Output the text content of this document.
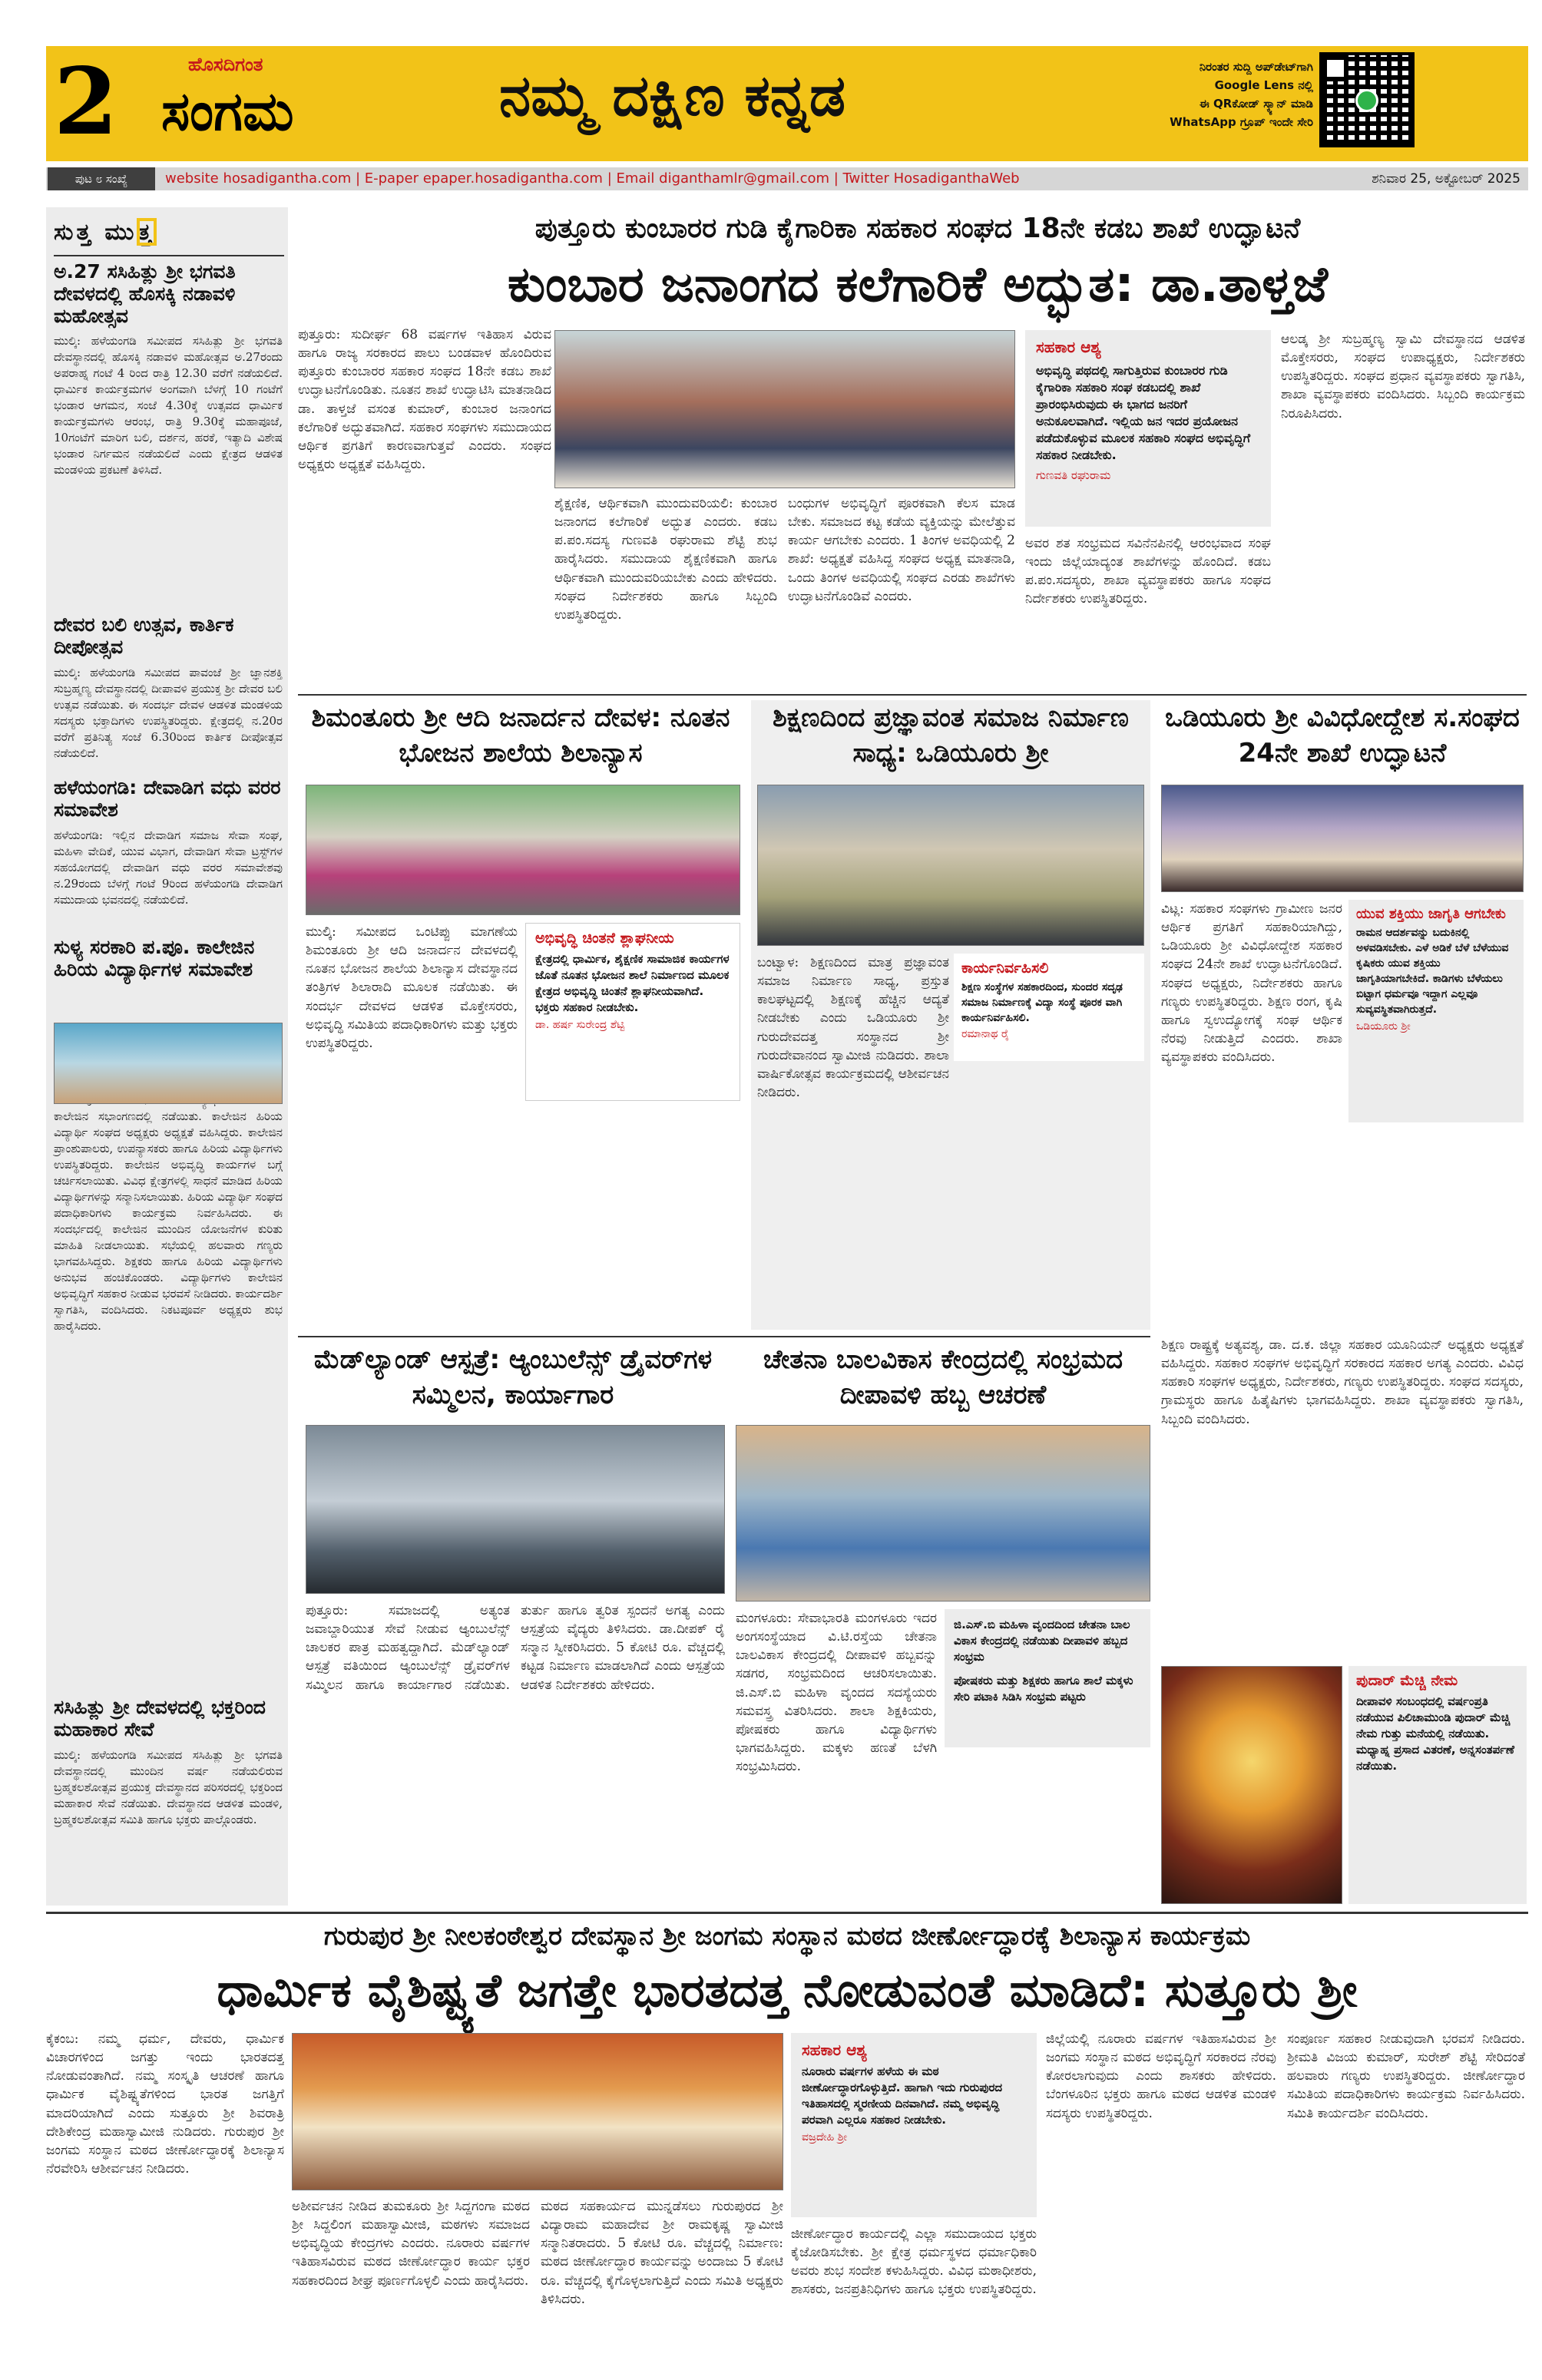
2	ಹೊಸದಿಗಂತ
ಸಂಗಮ	ನಮ್ಮ ದಕ್ಷಿಣ ಕನ್ನಡ	ನಿರಂತರ ಸುದ್ದಿ ಅಪ್‌ಡೇಟ್‌ಗಾಗಿ
Google Lens ನಲ್ಲಿ
ಈ QRಕೋಡ್ ಸ್ಕ್ಯಾನ್ ಮಾಡಿ
WhatsApp ಗ್ರೂಪ್ ಇಂದೇ ಸೇರಿ
ಪುಟ ೮ ಸಂಖ್ಯೆ	website hosadigantha.com | E-paper epaper.hosadigantha.com | Email diganthamlr@gmail.com | Twitter HosadiganthaWeb	ಶನಿವಾರ 25, ಅಕ್ಟೋಬರ್ 2025
ಸುತ್ತ ಮುತ್ತ
ಅ.27 ಸಸಿಹಿತ್ಲು ಶ್ರೀ ಭಗವತಿ ದೇವಳದಲ್ಲಿ ಹೊಸಕ್ಕಿ ನಡಾವಳಿ ಮಹೋತ್ಸವ
ಮುಲ್ಕಿ: ಹಳೆಯಂಗಡಿ ಸಮೀಪದ ಸಸಿಹಿತ್ಲು ಶ್ರೀ ಭಗವತಿ ದೇವಸ್ಥಾನದಲ್ಲಿ ಹೊಸಕ್ಕಿ ನಡಾವಳಿ ಮಹೋತ್ಸವ ಅ.27ರಂದು ಅಪರಾಹ್ನ ಗಂಟೆ 4 ರಿಂದ ರಾತ್ರಿ 12.30 ವರೆಗೆ ನಡೆಯಲಿದೆ. ಧಾರ್ಮಿಕ ಕಾರ್ಯಕ್ರಮಗಳ ಅಂಗವಾಗಿ ಬೆಳಗ್ಗೆ 10 ಗಂಟೆಗೆ ಭಂಡಾರ ಆಗಮನ, ಸಂಜೆ 4.30ಕ್ಕೆ ಉತ್ಸವದ ಧಾರ್ಮಿಕ ಕಾರ್ಯಕ್ರಮಗಳು ಆರಂಭ, ರಾತ್ರಿ 9.30ಕ್ಕೆ ಮಹಾಪೂಜೆ, 10ಗಂಟೆಗೆ ಮಾರಿಗ ಬಲಿ, ದರ್ಶನ, ಹರಕೆ, ಇತ್ಯಾದಿ ವಿಶೇಷ ಭಂಡಾರ ನಿರ್ಗಮನ ನಡೆಯಲಿದೆ ಎಂದು ಕ್ಷೇತ್ರದ ಆಡಳಿತ ಮಂಡಳಿಯ ಪ್ರಕಟಣೆ ತಿಳಿಸಿದೆ.
ದೇವರ ಬಲಿ ಉತ್ಸವ, ಕಾರ್ತಿಕ ದೀಪೋತ್ಸವ
ಮುಲ್ಕಿ: ಹಳೆಯಂಗಡಿ ಸಮೀಪದ ಪಾವಂಜೆ ಶ್ರೀ ಜ್ಞಾನಶಕ್ತಿ ಸುಬ್ರಹ್ಮಣ್ಯ ದೇವಸ್ಥಾನದಲ್ಲಿ ದೀಪಾವಳಿ ಪ್ರಯುಕ್ತ ಶ್ರೀ ದೇವರ ಬಲಿ ಉತ್ಸವ ನಡೆಯಿತು. ಈ ಸಂದರ್ಭ ದೇವಳ ಆಡಳಿತ ಮಂಡಳಿಯ ಸದಸ್ಯರು ಭಕ್ತಾದಿಗಳು ಉಪಸ್ಥಿತರಿದ್ದರು. ಕ್ಷೇತ್ರದಲ್ಲಿ ನ.20ರ ವರೆಗೆ ಪ್ರತಿನಿತ್ಯ ಸಂಜೆ 6.30ರಿಂದ ಕಾರ್ತಿಕ ದೀಪೋತ್ಸವ ನಡೆಯಲಿದೆ.
ಹಳೆಯಂಗಡಿ: ದೇವಾಡಿಗ ವಧು ವರರ ಸಮಾವೇಶ
ಹಳೆಯಂಗಡಿ: ಇಲ್ಲಿನ ದೇವಾಡಿಗ ಸಮಾಜ ಸೇವಾ ಸಂಘ, ಮಹಿಳಾ ವೇದಿಕೆ, ಯುವ ವಿಭಾಗ, ದೇವಾಡಿಗ ಸೇವಾ ಟ್ರಸ್ಟ್‌ಗಳ ಸಹಯೋಗದಲ್ಲಿ ದೇವಾಡಿಗ ವಧು ವರರ ಸಮಾವೇಶವು ನ.29ರಂದು ಬೆಳಗ್ಗೆ ಗಂಟೆ 9ರಿಂದ ಹಳೆಯಂಗಡಿ ದೇವಾಡಿಗ ಸಮುದಾಯ ಭವನದಲ್ಲಿ ನಡೆಯಲಿದೆ.
ಸುಳ್ಯ ಸರಕಾರಿ ಪ.ಪೂ. ಕಾಲೇಜಿನ ಹಿರಿಯ ವಿದ್ಯಾರ್ಥಿಗಳ ಸಮಾವೇಶ
ಕಾಲೇಜಿನ ಸಭಾಂಗಣದಲ್ಲಿ ನಡೆಯಿತು. ಕಾಲೇಜಿನ ಹಿರಿಯ ವಿದ್ಯಾರ್ಥಿ ಸಂಘದ ಅಧ್ಯಕ್ಷರು ಅಧ್ಯಕ್ಷತೆ ವಹಿಸಿದ್ದರು. ಕಾಲೇಜಿನ ಪ್ರಾಂಶುಪಾಲರು, ಉಪನ್ಯಾಸಕರು ಹಾಗೂ ಹಿರಿಯ ವಿದ್ಯಾರ್ಥಿಗಳು ಉಪಸ್ಥಿತರಿದ್ದರು. ಕಾಲೇಜಿನ ಅಭಿವೃದ್ಧಿ ಕಾರ್ಯಗಳ ಬಗ್ಗೆ ಚರ್ಚಿಸಲಾಯಿತು. ವಿವಿಧ ಕ್ಷೇತ್ರಗಳಲ್ಲಿ ಸಾಧನೆ ಮಾಡಿದ ಹಿರಿಯ ವಿದ್ಯಾರ್ಥಿಗಳನ್ನು ಸನ್ಮಾನಿಸಲಾಯಿತು. ಹಿರಿಯ ವಿದ್ಯಾರ್ಥಿ ಸಂಘದ ಪದಾಧಿಕಾರಿಗಳು ಕಾರ್ಯಕ್ರಮ ನಿರ್ವಹಿಸಿದರು. ಈ ಸಂದರ್ಭದಲ್ಲಿ ಕಾಲೇಜಿನ ಮುಂದಿನ ಯೋಜನೆಗಳ ಕುರಿತು ಮಾಹಿತಿ ನೀಡಲಾಯಿತು. ಸಭೆಯಲ್ಲಿ ಹಲವಾರು ಗಣ್ಯರು ಭಾಗವಹಿಸಿದ್ದರು. ಶಿಕ್ಷಕರು ಹಾಗೂ ಹಿರಿಯ ವಿದ್ಯಾರ್ಥಿಗಳು ಅನುಭವ ಹಂಚಿಕೊಂಡರು. ವಿದ್ಯಾರ್ಥಿಗಳು ಕಾಲೇಜಿನ ಅಭಿವೃದ್ಧಿಗೆ ಸಹಕಾರ ನೀಡುವ ಭರವಸೆ ನೀಡಿದರು. ಕಾರ್ಯದರ್ಶಿ ಸ್ವಾಗತಿಸಿ, ವಂದಿಸಿದರು. ನಿಕಟಪೂರ್ವ ಅಧ್ಯಕ್ಷರು ಶುಭ ಹಾರೈಸಿದರು.
ಸಸಿಹಿತ್ಲು ಶ್ರೀ ದೇವಳದಲ್ಲಿ ಭಕ್ತರಿಂದ ಮಹಾಕಾರ ಸೇವೆ
ಮುಲ್ಕಿ: ಹಳೆಯಂಗಡಿ ಸಮೀಪದ ಸಸಿಹಿತ್ಲು ಶ್ರೀ ಭಗವತಿ ದೇವಸ್ಥಾನದಲ್ಲಿ ಮುಂದಿನ ವರ್ಷ ನಡೆಯಲಿರುವ ಬ್ರಹ್ಮಕಲಶೋತ್ಸವ ಪ್ರಯುಕ್ತ ದೇವಸ್ಥಾನದ ಪರಿಸರದಲ್ಲಿ ಭಕ್ತರಿಂದ ಮಹಾಕಾರ ಸೇವೆ ನಡೆಯಿತು. ದೇವಸ್ಥಾನದ ಆಡಳಿತ ಮಂಡಳಿ, ಬ್ರಹ್ಮಕಲಶೋತ್ಸವ ಸಮಿತಿ ಹಾಗೂ ಭಕ್ತರು ಪಾಲ್ಗೊಂಡರು.
ಪುತ್ತೂರು ಕುಂಬಾರರ ಗುಡಿ ಕೈಗಾರಿಕಾ ಸಹಕಾರ ಸಂಘದ 18ನೇ ಕಡಬ ಶಾಖೆ ಉದ್ಘಾಟನೆ
ಕುಂಬಾರ ಜನಾಂಗದ ಕಲೆಗಾರಿಕೆ ಅದ್ಭುತ: ಡಾ.ತಾಳ್ತಜೆ
ಪುತ್ತೂರು: ಸುದೀರ್ಘ 68 ವರ್ಷಗಳ ಇತಿಹಾಸ ವಿರುವ ಹಾಗೂ ರಾಜ್ಯ ಸರಕಾರದ ಪಾಲು ಬಂಡವಾಳ ಹೊಂದಿರುವ ಪುತ್ತೂರು ಕುಂಬಾರರ ಸಹಕಾರ ಸಂಘದ 18ನೇ ಕಡಬ ಶಾಖೆ ಉದ್ಘಾಟನೆಗೊಂಡಿತು. ನೂತನ ಶಾಖೆ ಉದ್ಘಾಟಿಸಿ ಮಾತನಾಡಿದ ಡಾ. ತಾಳ್ತಜೆ ವಸಂತ ಕುಮಾರ್, ಕುಂಬಾರ ಜನಾಂಗದ ಕಲೆಗಾರಿಕೆ ಅದ್ಭುತವಾಗಿದೆ. ಸಹಕಾರ ಸಂಘಗಳು ಸಮುದಾಯದ ಆರ್ಥಿಕ ಪ್ರಗತಿಗೆ ಕಾರಣವಾಗುತ್ತವೆ ಎಂದರು. ಸಂಘದ ಅಧ್ಯಕ್ಷರು ಅಧ್ಯಕ್ಷತೆ ವಹಿಸಿದ್ದರು.
ಶೈಕ್ಷಣಿಕ, ಆರ್ಥಿಕವಾಗಿ ಮುಂದುವರಿಯಲಿ: ಕುಂಬಾರ ಜನಾಂಗದ ಕಲೆಗಾರಿಕೆ ಅದ್ಭುತ ಎಂದರು. ಕಡಬ ಪ.ಪಂ.ಸದಸ್ಯ ಗುಣವತಿ ರಘುರಾಮ ಶೆಟ್ಟಿ ಶುಭ ಹಾರೈಸಿದರು. ಸಮುದಾಯ ಶೈಕ್ಷಣಿಕವಾಗಿ ಹಾಗೂ ಆರ್ಥಿಕವಾಗಿ ಮುಂದುವರಿಯಬೇಕು ಎಂದು ಹೇಳಿದರು. ಸಂಘದ ನಿರ್ದೇಶಕರು ಹಾಗೂ ಸಿಬ್ಬಂದಿ ಉಪಸ್ಥಿತರಿದ್ದರು.
ಬಂಧುಗಳ ಅಭಿವೃದ್ಧಿಗೆ ಪೂರಕವಾಗಿ ಕೆಲಸ ಮಾಡ ಬೇಕು. ಸಮಾಜದ ಕಟ್ಟ ಕಡೆಯ ವ್ಯಕ್ತಿಯನ್ನು ಮೇಲೆತ್ತುವ ಕಾರ್ಯ ಆಗಬೇಕು ಎಂದರು. 1 ತಿಂಗಳ ಅವಧಿಯಲ್ಲಿ 2 ಶಾಖೆ: ಅಧ್ಯಕ್ಷತೆ ವಹಿಸಿದ್ದ ಸಂಘದ ಅಧ್ಯಕ್ಷ ಮಾತನಾಡಿ, ಒಂದು ತಿಂಗಳ ಅವಧಿಯಲ್ಲಿ ಸಂಘದ ಎರಡು ಶಾಖೆಗಳು ಉದ್ಘಾಟನೆಗೊಂಡಿವೆ ಎಂದರು.
ಸಹಕಾರ ಆಶ್ಯ
ಅಭಿವೃದ್ಧಿ ಪಥದಲ್ಲಿ ಸಾಗುತ್ತಿರುವ ಕುಂಬಾರರ ಗುಡಿ ಕೈಗಾರಿಕಾ ಸಹಕಾರಿ ಸಂಘ ಕಡಬದಲ್ಲಿ ಶಾಖೆ ಪ್ರಾರಂಭಿಸಿರುವುದು ಈ ಭಾಗದ ಜನರಿಗೆ ಅನುಕೂಲವಾಗಿದೆ. ಇಲ್ಲಿಯ ಜನ ಇದರ ಪ್ರಯೋಜನ ಪಡೆದುಕೊಳ್ಳುವ ಮೂಲಕ ಸಹಕಾರಿ ಸಂಘದ ಅಭಿವೃದ್ಧಿಗೆ ಸಹಕಾರ ನೀಡಬೇಕು.
ಗುಣವತಿ ರಘುರಾಮ
ಅವರ ಶತ ಸಂಭ್ರಮದ ಸವಿನೆನಪಿನಲ್ಲಿ ಆರಂಭವಾದ ಸಂಘ ಇಂದು ಜಿಲ್ಲೆಯಾದ್ಯಂತ ಶಾಖೆಗಳನ್ನು ಹೊಂದಿದೆ. ಕಡಬ ಪ.ಪಂ.ಸದಸ್ಯರು, ಶಾಖಾ ವ್ಯವಸ್ಥಾಪಕರು ಹಾಗೂ ಸಂಘದ ನಿರ್ದೇಶಕರು ಉಪಸ್ಥಿತರಿದ್ದರು.
ಆಲಡ್ಕ ಶ್ರೀ ಸುಬ್ರಹ್ಮಣ್ಯ ಸ್ವಾಮಿ ದೇವಸ್ಥಾನದ ಆಡಳಿತ ಮೊಕ್ತೇಸರರು, ಸಂಘದ ಉಪಾಧ್ಯಕ್ಷರು, ನಿರ್ದೇಶಕರು ಉಪಸ್ಥಿತರಿದ್ದರು. ಸಂಘದ ಪ್ರಧಾನ ವ್ಯವಸ್ಥಾಪಕರು ಸ್ವಾಗತಿಸಿ, ಶಾಖಾ ವ್ಯವಸ್ಥಾಪಕರು ವಂದಿಸಿದರು. ಸಿಬ್ಬಂದಿ ಕಾರ್ಯಕ್ರಮ ನಿರೂಪಿಸಿದರು.
ಶಿಮಂತೂರು ಶ್ರೀ ಆದಿ ಜನಾರ್ದನ ದೇವಳ: ನೂತನ ಭೋಜನ ಶಾಲೆಯ ಶಿಲಾನ್ಯಾಸ
ಮುಲ್ಕಿ: ಸಮೀಪದ ಒಂಟಿಪ್ಪು ಮಾಗಣೆಯ ಶಿಮಂತೂರು ಶ್ರೀ ಆದಿ ಜನಾರ್ದನ ದೇವಳದಲ್ಲಿ ನೂತನ ಭೋಜನ ಶಾಲೆಯ ಶಿಲಾನ್ಯಾಸ ದೇವಸ್ಥಾನದ ತಂತ್ರಿಗಳ ಶಿಲಾರಾದಿ ಮೂಲಕ ನಡೆಯಿತು. ಈ ಸಂದರ್ಭ ದೇವಳದ ಆಡಳಿತ ಮೊಕ್ತೇಸರರು, ಅಭಿವೃದ್ಧಿ ಸಮಿತಿಯ ಪದಾಧಿಕಾರಿಗಳು ಮತ್ತು ಭಕ್ತರು ಉಪಸ್ಥಿತರಿದ್ದರು.
ಅಭಿವೃದ್ಧಿ ಚಿಂತನೆ ಶ್ಲಾಘನೀಯ
ಕ್ಷೇತ್ರದಲ್ಲಿ ಧಾರ್ಮಿಕ, ಶೈಕ್ಷಣಿಕ ಸಾಮಾಜಿಕ ಕಾರ್ಯಗಳ ಜೊತೆ ನೂತನ ಭೋಜನ ಶಾಲೆ ನಿರ್ಮಾಣದ ಮೂಲಕ ಕ್ಷೇತ್ರದ ಅಭಿವೃದ್ಧಿ ಚಿಂತನೆ ಶ್ಲಾಘನೀಯವಾಗಿದೆ. ಭಕ್ತರು ಸಹಕಾರ ನೀಡಬೇಕು.
ಡಾ. ಹರ್ಷ ಸುರೇಂದ್ರ ಶೆಟ್ಟಿ
ಶಿಕ್ಷಣದಿಂದ ಪ್ರಜ್ಞಾವಂತ ಸಮಾಜ ನಿರ್ಮಾಣ ಸಾಧ್ಯ: ಒಡಿಯೂರು ಶ್ರೀ
ಬಂಟ್ವಾಳ: ಶಿಕ್ಷಣದಿಂದ ಮಾತ್ರ ಪ್ರಜ್ಞಾವಂತ ಸಮಾಜ ನಿರ್ಮಾಣ ಸಾಧ್ಯ, ಪ್ರಸ್ತುತ ಕಾಲಘಟ್ಟದಲ್ಲಿ ಶಿಕ್ಷಣಕ್ಕೆ ಹೆಚ್ಚಿನ ಆದ್ಯತೆ ನೀಡಬೇಕು ಎಂದು ಒಡಿಯೂರು ಶ್ರೀ ಗುರುದೇವದತ್ತ ಸಂಸ್ಥಾನದ ಶ್ರೀ ಗುರುದೇವಾನಂದ ಸ್ವಾಮೀಜಿ ನುಡಿದರು. ಶಾಲಾ ವಾರ್ಷಿಕೋತ್ಸವ ಕಾರ್ಯಕ್ರಮದಲ್ಲಿ ಆಶೀರ್ವಚನ ನೀಡಿದರು.
ಕಾರ್ಯನಿರ್ವಹಿಸಲಿ
ಶಿಕ್ಷಣ ಸಂಸ್ಥೆಗಳ ಸಹಕಾರದಿಂದ, ಸುಂದರ ಸದೃಢ ಸಮಾಜ ನಿರ್ಮಾಣಕ್ಕೆ ವಿದ್ಯಾ ಸಂಸ್ಥೆ ಪೂರಕ ವಾಗಿ ಕಾರ್ಯನಿರ್ವಹಿಸಲಿ.
ರಮಾನಾಥ ರೈ
ಒಡಿಯೂರು ಶ್ರೀ ವಿವಿಧೋದ್ದೇಶ ಸ.ಸಂಘದ 24ನೇ ಶಾಖೆ ಉದ್ಘಾಟನೆ
ವಿಟ್ಲ: ಸಹಕಾರ ಸಂಘಗಳು ಗ್ರಾಮೀಣ ಜನರ ಆರ್ಥಿಕ ಪ್ರಗತಿಗೆ ಸಹಕಾರಿಯಾಗಿದ್ದು, ಒಡಿಯೂರು ಶ್ರೀ ವಿವಿಧೋದ್ದೇಶ ಸಹಕಾರ ಸಂಘದ 24ನೇ ಶಾಖೆ ಉದ್ಘಾಟನೆಗೊಂಡಿದೆ. ಸಂಘದ ಅಧ್ಯಕ್ಷರು, ನಿರ್ದೇಶಕರು ಹಾಗೂ ಗಣ್ಯರು ಉಪಸ್ಥಿತರಿದ್ದರು. ಶಿಕ್ಷಣ ರಂಗ, ಕೃಷಿ ಹಾಗೂ ಸ್ವಉದ್ಯೋಗಕ್ಕೆ ಸಂಘ ಆರ್ಥಿಕ ನೆರವು ನೀಡುತ್ತಿದೆ ಎಂದರು. ಶಾಖಾ ವ್ಯವಸ್ಥಾಪಕರು ವಂದಿಸಿದರು.
ಯುವ ಶಕ್ತಿಯು ಜಾಗೃತಿ ಆಗಬೇಕು
ರಾಮನ ಆದರ್ಶವನ್ನು ಬದುಕಿನಲ್ಲಿ ಅಳವಡಿಸಬೇಕು. ಎಳೆ ಅಡಿಕೆ ಬೆಳೆ ಬೆಳೆಯುವ ಕೃಷಿಕರು ಯುವ ಶಕ್ತಿಯು ಜಾಗೃತಿಯಾಗಬೇಕಿದೆ. ಕಾಡಿಗಳು ಬೆಳೆಯಲು ಬಿಟ್ಟಾಗ ಧರ್ಮವೂ ಇದ್ದಾಗ ಎಲ್ಲವೂ ಸುವ್ಯವಸ್ಥಿತವಾಗಿರುತ್ತದೆ.
ಒಡಿಯೂರು ಶ್ರೀ
ಮೆಡ್‌ಲ್ಯಾಂಡ್ ಆಸ್ಪತ್ರೆ: ಆ್ಯಂಬುಲೆನ್ಸ್ ಡ್ರೈವರ್‌ಗಳ ಸಮ್ಮಿಲನ, ಕಾರ್ಯಾಗಾರ
ಪುತ್ತೂರು: ಸಮಾಜದಲ್ಲಿ ಅತ್ಯಂತ ಜವಾಬ್ದಾರಿಯುತ ಸೇವೆ ನೀಡುವ ಆ್ಯಂಬುಲೆನ್ಸ್ ಚಾಲಕರ ಪಾತ್ರ ಮಹತ್ವದ್ದಾಗಿದೆ. ಮೆಡ್‌ಲ್ಯಾಂಡ್ ಆಸ್ಪತ್ರೆ ವತಿಯಿಂದ ಆ್ಯಂಬುಲೆನ್ಸ್ ಡ್ರೈವರ್‌ಗಳ ಸಮ್ಮಿಲನ ಹಾಗೂ ಕಾರ್ಯಾಗಾರ ನಡೆಯಿತು. ತುರ್ತು ಹಾಗೂ ತ್ವರಿತ ಸ್ಪಂದನೆ ಅಗತ್ಯ ಎಂದು ಆಸ್ಪತ್ರೆಯ ವೈದ್ಯರು ತಿಳಿಸಿದರು. ಡಾ.ದೀಪಕ್ ರೈ ಸನ್ಮಾನ ಸ್ವೀಕರಿಸಿದರು. 5 ಕೋಟಿ ರೂ. ವೆಚ್ಚದಲ್ಲಿ ಕಟ್ಟಡ ನಿರ್ಮಾಣ ಮಾಡಲಾಗಿದೆ ಎಂದು ಆಸ್ಪತ್ರೆಯ ಆಡಳಿತ ನಿರ್ದೇಶಕರು ಹೇಳಿದರು.
ಚೇತನಾ ಬಾಲವಿಕಾಸ ಕೇಂದ್ರದಲ್ಲಿ ಸಂಭ್ರಮದ ದೀಪಾವಳಿ ಹಬ್ಬ ಆಚರಣೆ
ಮಂಗಳೂರು: ಸೇವಾಭಾರತಿ ಮಂಗಳೂರು ಇದರ ಅಂಗಸಂಸ್ಥೆಯಾದ ವಿ.ಟಿ.ರಸ್ತೆಯ ಚೇತನಾ ಬಾಲವಿಕಾಸ ಕೇಂದ್ರದಲ್ಲಿ ದೀಪಾವಳಿ ಹಬ್ಬವನ್ನು ಸಡಗರ, ಸಂಭ್ರಮದಿಂದ ಆಚರಿಸಲಾಯಿತು. ಜಿ.ಎಸ್.ಬಿ ಮಹಿಳಾ ವೃಂದದ ಸದಸ್ಯೆಯರು ಸಮವಸ್ತ್ರ ವಿತರಿಸಿದರು. ಶಾಲಾ ಶಿಕ್ಷಕಿಯರು, ಪೋಷಕರು ಹಾಗೂ ವಿದ್ಯಾರ್ಥಿಗಳು ಭಾಗವಹಿಸಿದ್ದರು. ಮಕ್ಕಳು ಹಣತೆ ಬೆಳಗಿ ಸಂಭ್ರಮಿಸಿದರು.
ಜಿ.ಎಸ್.ಬಿ ಮಹಿಳಾ ವೃಂದದಿಂದ ಚೇತನಾ ಬಾಲ ವಿಕಾಸ ಕೇಂದ್ರದಲ್ಲಿ ನಡೆಯಿತು ದೀಪಾವಳಿ ಹಬ್ಬದ ಸಂಭ್ರಮ
ಪೋಷಕರು ಮತ್ತು ಶಿಕ್ಷಕರು ಹಾಗೂ ಶಾಲೆ ಮಕ್ಕಳು ಸೇರಿ ಪಟಾಕಿ ಸಿಡಿಸಿ ಸಂಭ್ರಮ ಪಟ್ಟರು
ಶಿಕ್ಷಣ ರಾಷ್ಟ್ರಕ್ಕೆ ಅತ್ಯವಶ್ಯ, ಡಾ. ದ.ಕ. ಜಿಲ್ಲಾ ಸಹಕಾರ ಯೂನಿಯನ್ ಅಧ್ಯಕ್ಷರು ಅಧ್ಯಕ್ಷತೆ ವಹಿಸಿದ್ದರು. ಸಹಕಾರ ಸಂಘಗಳ ಅಭಿವೃದ್ಧಿಗೆ ಸರಕಾರದ ಸಹಕಾರ ಅಗತ್ಯ ಎಂದರು. ವಿವಿಧ ಸಹಕಾರಿ ಸಂಘಗಳ ಅಧ್ಯಕ್ಷರು, ನಿರ್ದೇಶಕರು, ಗಣ್ಯರು ಉಪಸ್ಥಿತರಿದ್ದರು. ಸಂಘದ ಸದಸ್ಯರು, ಗ್ರಾಮಸ್ಥರು ಹಾಗೂ ಹಿತೈಷಿಗಳು ಭಾಗವಹಿಸಿದ್ದರು. ಶಾಖಾ ವ್ಯವಸ್ಥಾಪಕರು ಸ್ವಾಗತಿಸಿ, ಸಿಬ್ಬಂದಿ ವಂದಿಸಿದರು.
ಪುದಾರ್ ಮೆಚ್ಚಿ ನೇಮ
ದೀಪಾವಳಿ ಸಂಬಂಧದಲ್ಲಿ ವರ್ಷಂಪ್ರತಿ ನಡೆಯುವ ಪಿಲಿಚಾಮುಂಡಿ ಪುದಾರ್ ಮೆಚ್ಚಿ ನೇಮ ಗುತ್ತು ಮನೆಯಲ್ಲಿ ನಡೆಯಿತು. ಮಧ್ಯಾಹ್ನ ಪ್ರಸಾದ ವಿತರಣೆ, ಅನ್ನಸಂತರ್ಪಣೆ ನಡೆಯಿತು.
ಗುರುಪುರ ಶ್ರೀ ನೀಲಕಂಠೇಶ್ವರ ದೇವಸ್ಥಾನ ಶ್ರೀ ಜಂಗಮ ಸಂಸ್ಥಾನ ಮಠದ ಜೀರ್ಣೋದ್ಧಾರಕ್ಕೆ ಶಿಲಾನ್ಯಾಸ ಕಾರ್ಯಕ್ರಮ
ಧಾರ್ಮಿಕ ವೈಶಿಷ್ಟ್ಯತೆ ಜಗತ್ತೇ ಭಾರತದತ್ತ ನೋಡುವಂತೆ ಮಾಡಿದೆ: ಸುತ್ತೂರು ಶ್ರೀ
ಕೈಕಂಬ: ನಮ್ಮ ಧರ್ಮ, ದೇವರು, ಧಾರ್ಮಿಕ ವಿಚಾರಗಳಿಂದ ಜಗತ್ತು ಇಂದು ಭಾರತದತ್ತ ನೋಡುವಂತಾಗಿದೆ. ನಮ್ಮ ಸಂಸ್ಕೃತಿ ಆಚರಣೆ ಹಾಗೂ ಧಾರ್ಮಿಕ ವೈಶಿಷ್ಟ್ಯತೆಗಳಿಂದ ಭಾರತ ಜಗತ್ತಿಗೆ ಮಾದರಿಯಾಗಿದೆ ಎಂದು ಸುತ್ತೂರು ಶ್ರೀ ಶಿವರಾತ್ರಿ ದೇಶಿಕೇಂದ್ರ ಮಹಾಸ್ವಾಮೀಜಿ ನುಡಿದರು. ಗುರುಪುರ ಶ್ರೀ ಜಂಗಮ ಸಂಸ್ಥಾನ ಮಠದ ಜೀರ್ಣೋದ್ಧಾರಕ್ಕೆ ಶಿಲಾನ್ಯಾಸ ನೆರವೇರಿಸಿ ಆಶೀರ್ವಚನ ನೀಡಿದರು.
ಅಶೀರ್ವಚನ ನೀಡಿದ ತುಮಕೂರು ಶ್ರೀ ಸಿದ್ದಗಂಗಾ ಮಠದ ಶ್ರೀ ಸಿದ್ದಲಿಂಗ ಮಹಾಸ್ವಾಮೀಜಿ, ಮಠಗಳು ಸಮಾಜದ ಅಭಿವೃದ್ಧಿಯ ಕೇಂದ್ರಗಳು ಎಂದರು. ನೂರಾರು ವರ್ಷಗಳ ಇತಿಹಾಸವಿರುವ ಮಠದ ಜೀರ್ಣೋದ್ಧಾರ ಕಾರ್ಯ ಭಕ್ತರ ಸಹಕಾರದಿಂದ ಶೀಘ್ರ ಪೂರ್ಣಗೊಳ್ಳಲಿ ಎಂದು ಹಾರೈಸಿದರು.
ಮಠದ ಸಹಕಾರ್ಯದ ಮುನ್ನಡೆಸಲು ಗುರುಪುರದ ಶ್ರೀ ವಿದ್ಯಾರಾಮ ಮಹಾದೇವ ಶ್ರೀ ರಾಮಕೃಷ್ಣ ಸ್ವಾಮೀಜಿ ಸನ್ಮಾನಿತರಾದರು. 5 ಕೋಟಿ ರೂ. ವೆಚ್ಚದಲ್ಲಿ ನಿರ್ಮಾಣ: ಮಠದ ಜೀರ್ಣೋದ್ಧಾರ ಕಾರ್ಯವನ್ನು ಅಂದಾಜು 5 ಕೋಟಿ ರೂ. ವೆಚ್ಚದಲ್ಲಿ ಕೈಗೊಳ್ಳಲಾಗುತ್ತಿದೆ ಎಂದು ಸಮಿತಿ ಅಧ್ಯಕ್ಷರು ತಿಳಿಸಿದರು.
ಸಹಕಾರ ಆಶ್ಯ
ನೂರಾರು ವರ್ಷಗಳ ಹಳೆಯ ಈ ಮಠ ಜೀರ್ಣೋದ್ಧಾರಗೊಳ್ಳುತ್ತಿದೆ. ಹಾಗಾಗಿ ಇದು ಗುರುಪುರದ ಇತಿಹಾಸದಲ್ಲಿ ಸ್ಮರಣೀಯ ದಿನವಾಗಿದೆ. ನಮ್ಮ ಅಭಿವೃದ್ಧಿ ಪರವಾಗಿ ಎಲ್ಲರೂ ಸಹಕಾರ ನೀಡಬೇಕು.
ವಜ್ರದೇಹಿ ಶ್ರೀ
ಜೀರ್ಣೋದ್ಧಾರ ಕಾರ್ಯದಲ್ಲಿ ಎಲ್ಲಾ ಸಮುದಾಯದ ಭಕ್ತರು ಕೈಜೋಡಿಸಬೇಕು. ಶ್ರೀ ಕ್ಷೇತ್ರ ಧರ್ಮಸ್ಥಳದ ಧರ್ಮಾಧಿಕಾರಿ ಅವರು ಶುಭ ಸಂದೇಶ ಕಳುಹಿಸಿದ್ದರು. ವಿವಿಧ ಮಠಾಧೀಶರು, ಶಾಸಕರು, ಜನಪ್ರತಿನಿಧಿಗಳು ಹಾಗೂ ಭಕ್ತರು ಉಪಸ್ಥಿತರಿದ್ದರು.
ಜಿಲ್ಲೆಯಲ್ಲಿ ನೂರಾರು ವರ್ಷಗಳ ಇತಿಹಾಸವಿರುವ ಶ್ರೀ ಜಂಗಮ ಸಂಸ್ಥಾನ ಮಠದ ಅಭಿವೃದ್ಧಿಗೆ ಸರಕಾರದ ನೆರವು ಕೋರಲಾಗುವುದು ಎಂದು ಶಾಸಕರು ಹೇಳಿದರು. ಬೆಂಗಳೂರಿನ ಭಕ್ತರು ಹಾಗೂ ಮಠದ ಆಡಳಿತ ಮಂಡಳಿ ಸದಸ್ಯರು ಉಪಸ್ಥಿತರಿದ್ದರು.
ಸಂಪೂರ್ಣ ಸಹಕಾರ ನೀಡುವುದಾಗಿ ಭರವಸೆ ನೀಡಿದರು. ಶ್ರೀಮತಿ ವಿಜಯ ಕುಮಾರ್, ಸುರೇಶ್ ಶೆಟ್ಟಿ ಸೇರಿದಂತೆ ಹಲವಾರು ಗಣ್ಯರು ಉಪಸ್ಥಿತರಿದ್ದರು. ಜೀರ್ಣೋದ್ಧಾರ ಸಮಿತಿಯ ಪದಾಧಿಕಾರಿಗಳು ಕಾರ್ಯಕ್ರಮ ನಿರ್ವಹಿಸಿದರು. ಸಮಿತಿ ಕಾರ್ಯದರ್ಶಿ ವಂದಿಸಿದರು.
